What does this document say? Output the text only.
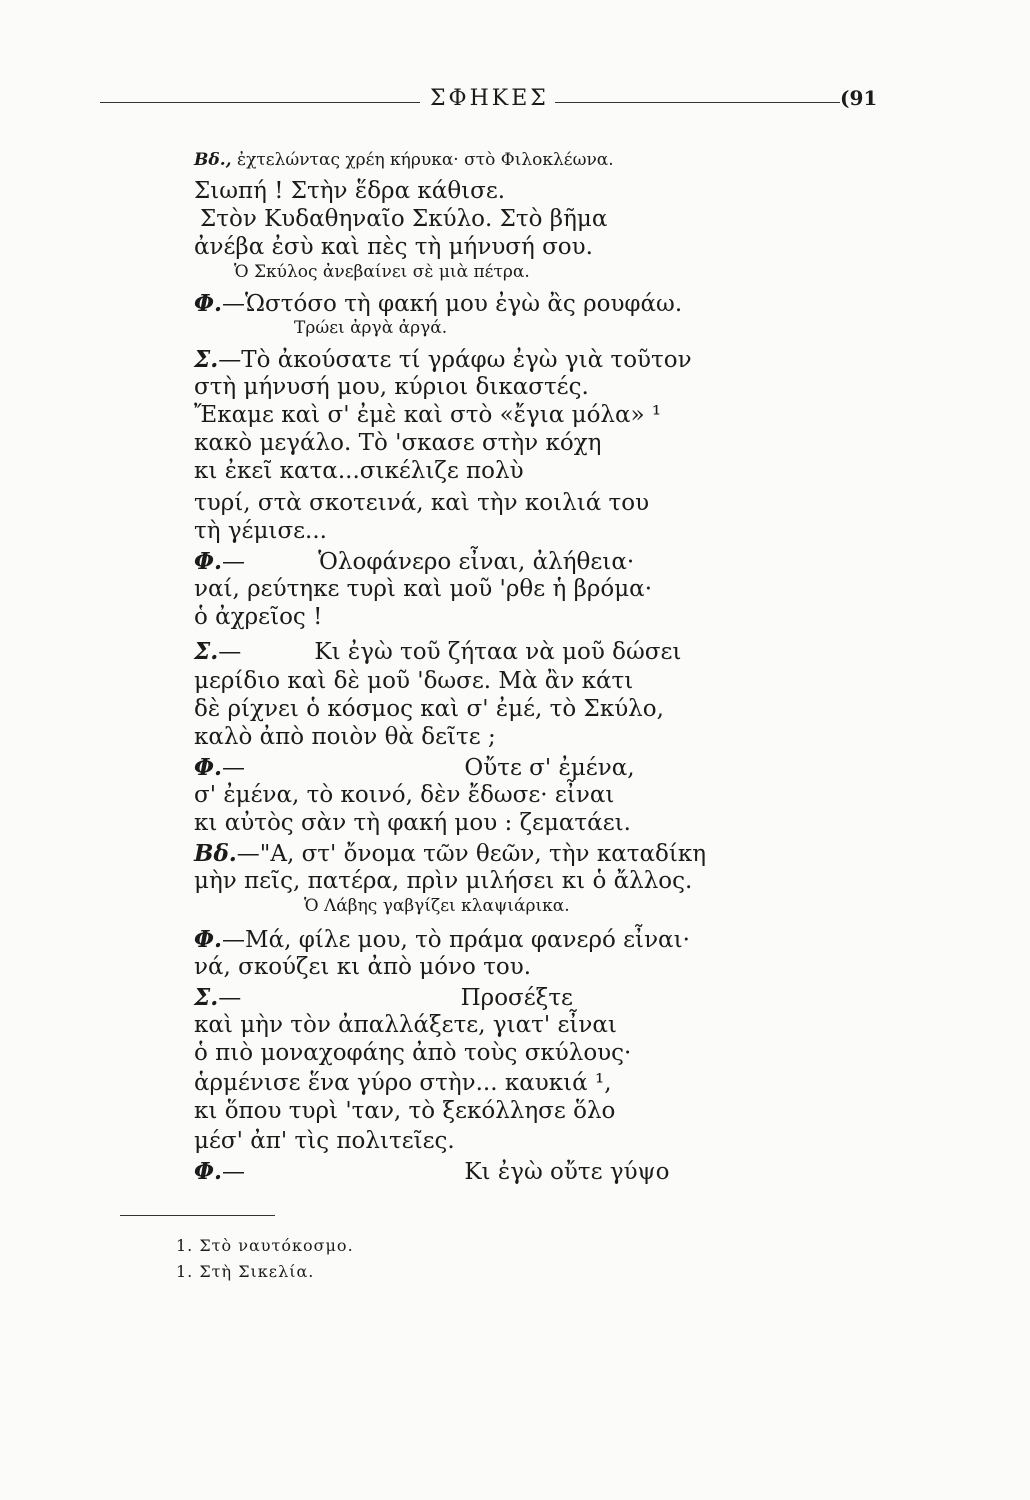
ΣΦΗΚΕΣ	(91
Βδ., ἐχτελώντας χρέη κήρυκα· στὸ Φιλοκλέωνα.
Σιωπή ! Στὴν ἕδρα κάθισε.
Στὸν Κυδαθηναῖο Σκύλο. Στὸ βῆμα
ἀνέβα ἐσὺ καὶ πὲς τὴ μήνυσή σου.
Ὁ Σκύλος ἀνεβαίνει σὲ μιὰ πέτρα.
Φ.—Ὡστόσο τὴ φακή μου ἐγὼ ἂς ρουφάω.
Τρώει ἀργὰ ἀργά.
Σ.—Τὸ ἀκούσατε τί γράφω ἐγὼ γιὰ τοῦτον
στὴ μήνυσή μου, κύριοι δικαστές.
Ἔκαμε καὶ σ' ἐμὲ καὶ στὸ «ἔγια μόλα» ¹
κακὸ μεγάλο. Τὸ 'σκασε στὴν κόχη
κι ἐκεῖ κατα...σικέλιζε πολὺ
τυρί, στὰ σκοτεινά, καὶ τὴν κοιλιά του
τὴ γέμισε...
Φ.—          Ὁλοφάνερο εἶναι, ἀλήθεια·
ναί, ρεύτηκε τυρὶ καὶ μοῦ 'ρθε ἡ βρόμα·
ὁ ἀχρεῖος !
Σ.—          Κι ἐγὼ τοῦ ζήταα νὰ μοῦ δώσει
μερίδιο καὶ δὲ μοῦ 'δωσε. Μὰ ἂν κάτι
δὲ ρίχνει ὁ κόσμος καὶ σ' ἐμέ, τὸ Σκύλο,
καλὸ ἀπὸ ποιὸν θὰ δεῖτε ;
Φ.—                              Οὔτε σ' ἐμένα,
σ' ἐμένα, τὸ κοινό, δὲν ἔδωσε· εἶναι
κι αὐτὸς σὰν τὴ φακή μου : ζεματάει.
Βδ.—"Α, στ' ὄνομα τῶν θεῶν, τὴν καταδίκη
μὴν πεῖς, πατέρα, πρὶν μιλήσει κι ὁ ἄλλος.
Ὁ Λάβης γαβγίζει κλαψιάρικα.
Φ.—Μά, φίλε μου, τὸ πράμα φανερό εἶναι·
νά, σκούζει κι ἀπὸ μόνο του.
Σ.—                              Προσέξτε
καὶ μὴν τὸν ἀπαλλάξετε, γιατ' εἶναι
ὁ πιὸ μοναχοφάης ἀπὸ τοὺς σκύλους·
ἁρμένισε ἕνα γύρο στὴν... καυκιά ¹,
κι ὅπου τυρὶ 'ταν, τὸ ξεκόλλησε ὅλο
μέσ' ἀπ' τὶς πολιτεῖες.
Φ.—                              Κι ἐγὼ οὔτε γύψο
1. Στὸ ναυτόκοσμο.
1. Στὴ Σικελία.
